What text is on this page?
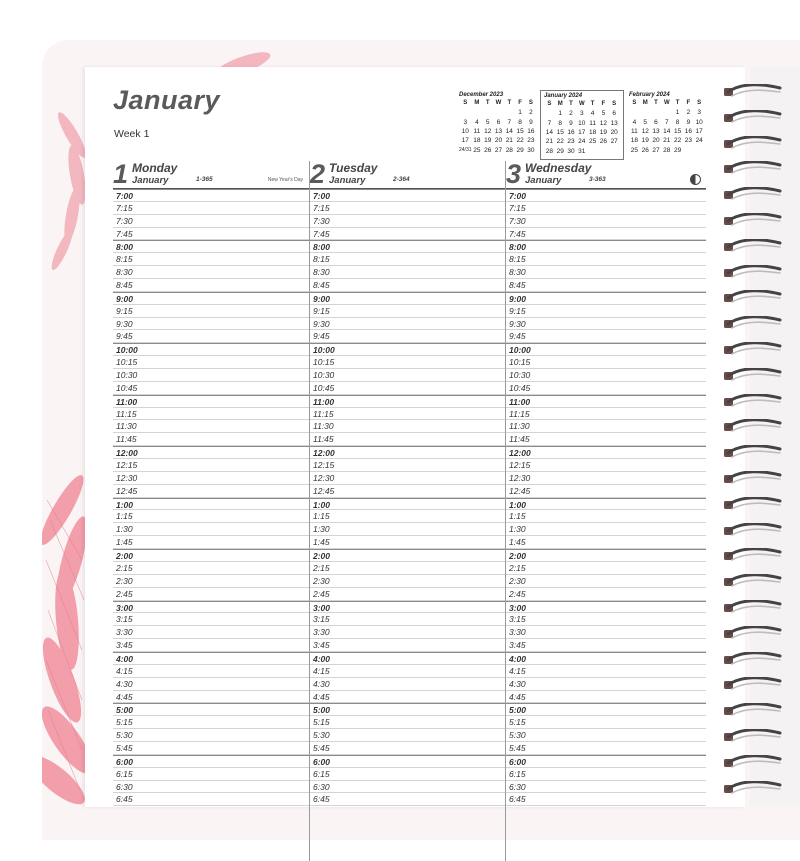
January
Week 1
December 2023
S	M	T	W	T	F	S
					1	2
3	4	5	6	7	8	9
10	11	12	13	14	15	16
17	18	19	20	21	22	23
24/31	25	26	27	28	29	30
January 2024
S	M	T	W	T	F	S
	1	2	3	4	5	6
7	8	9	10	11	12	13
14	15	16	17	18	19	20
21	22	23	24	25	26	27
28	29	30	31			
February 2024
S	M	T	W	T	F	S
				1	2	3
4	5	6	7	8	9	10
11	12	13	14	15	16	17
18	19	20	21	22	23	24
25	26	27	28	29		
1 Monday
January	1-365	New Year's Day
7:00
7:15
7:30
7:45
8:00
8:15
8:30
8:45
9:00
9:15
9:30
9:45
10:00
10:15
10:30
10:45
11:00
11:15
11:30
11:45
12:00
12:15
12:30
12:45
1:00
1:15
1:30
1:45
2:00
2:15
2:30
2:45
3:00
3:15
3:30
3:45
4:00
4:15
4:30
4:45
5:00
5:15
5:30
5:45
6:00
6:15
6:30
6:45
2 Tuesday
January	2-364
7:00
7:15
7:30
7:45
8:00
8:15
8:30
8:45
9:00
9:15
9:30
9:45
10:00
10:15
10:30
10:45
11:00
11:15
11:30
11:45
12:00
12:15
12:30
12:45
1:00
1:15
1:30
1:45
2:00
2:15
2:30
2:45
3:00
3:15
3:30
3:45
4:00
4:15
4:30
4:45
5:00
5:15
5:30
5:45
6:00
6:15
6:30
6:45
3 Wednesday
January	3-363
7:00
7:15
7:30
7:45
8:00
8:15
8:30
8:45
9:00
9:15
9:30
9:45
10:00
10:15
10:30
10:45
11:00
11:15
11:30
11:45
12:00
12:15
12:30
12:45
1:00
1:15
1:30
1:45
2:00
2:15
2:30
2:45
3:00
3:15
3:30
3:45
4:00
4:15
4:30
4:45
5:00
5:15
5:30
5:45
6:00
6:15
6:30
6:45
